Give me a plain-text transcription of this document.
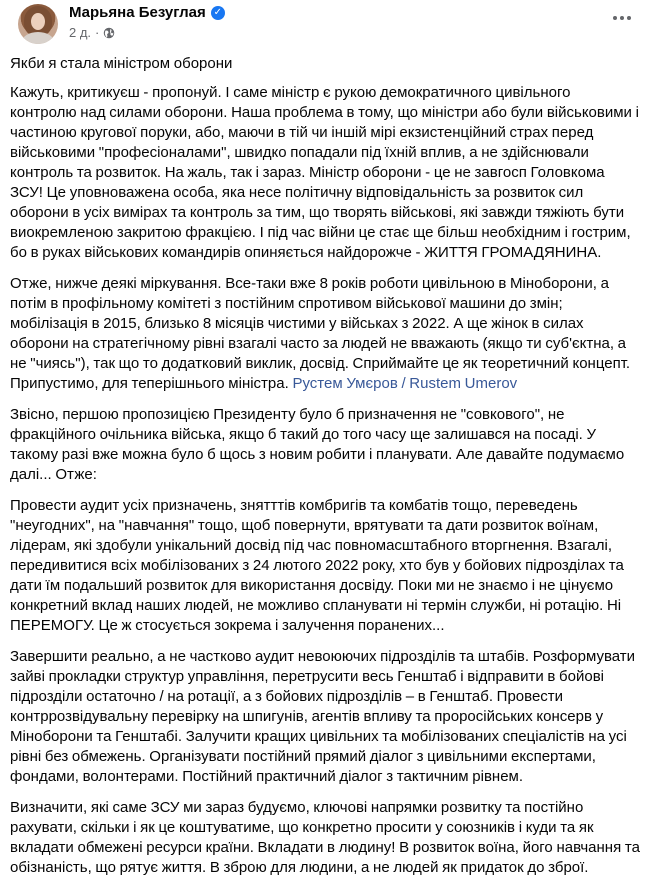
Марьяна Безуглая ✓
2 д. ·

Якби я стала міністром оборони

Кажуть, критикуєш - пропонуй. І саме міністр є рукою демократичного цивільного контролю над силами оборони. Наша проблема в тому, що міністри або були військовими і частиною кругової поруки, або, маючи в тій чи іншій мірі екзистенційний страх перед військовими "професіоналами", швидко попадали під їхній вплив, а не здійснювали контроль та розвиток. На жаль, так і зараз. Міністр оборони - це не завгосп Головкома ЗСУ! Це уповноважена особа, яка несе політичну відповідальність за розвиток сил оборони в усіх вимірах та контроль за тим, що творять військові, які завжди тяжіють бути виокремленою закритою фракцією. І під час війни це стає ще більш необхідним і гострим, бо в руках військових командирів опиняється найдорожче - ЖИТТЯ ГРОМАДЯНИНА.

Отже, нижче деякі міркування. Все-таки вже 8 років роботи цивільною в Міноборони, а потім в профільному комітеті з постійним спротивом військової машини до змін; мобілізація в 2015, близько 8 місяців чистими у військах з 2022. А ще жінок в силах оборони на стратегічному рівні взагалі часто за людей не вважають (якщо ти суб'єктна, а не "чиясь"), так що то додатковий виклик, досвід. Сприймайте це як теоретичний концепт. Припустимо, для теперішнього міністра. Рустем Умєров / Rustem Umerov

Звісно, першою пропозицією Президенту було б призначення не "совкового", не фракційного очільника війська, якщо б такий до того часу ще залишався на посаді. У такому разі вже можна було б щось з новим робити і планувати. Але давайте подумаємо далі... Отже:

Провести аудит усіх призначень, знятттів комбригів та комбатів тощо, переведень "неугодних", на "навчання" тощо, щоб повернути, врятувати та дати розвиток воїнам, лідерам, які здобули унікальний досвід під час повномасштабного вторгнення. Взагалі, передивитися всіх мобілізованих з 24 лютого 2022 року, хто був у бойових підрозділах та дати їм подальший розвиток для використання досвіду. Поки ми не знаємо і не цінуємо конкретний вклад наших людей, не можливо спланувати ні термін служби, ні ротацію. Ні ПЕРЕМОГУ. Це ж стосується зокрема і залучення поранених...

Завершити реально, а не частково аудит невоюючих підрозділів та штабів. Розформувати зайві прокладки структур управління, перетрусити весь Генштаб і відправити в бойові підрозділи остаточно / на ротації, а з бойових підрозділів – в Генштаб. Провести контррозвідувальну перевірку на шпигунів, агентів впливу та проросійських консерв у Міноборони та Генштабі. Залучити кращих цивільних та мобілізованих спеціалістів на усі рівні без обмежень. Організувати постійний прямий діалог з цивільними експертами, фондами, волонтерами. Постійний практичний діалог з тактичним рівнем.

Визначити, які саме ЗСУ ми зараз будуємо, ключові напрямки розвитку та постійно рахувати, скільки і як це коштуватиме, що конкретно просити у союзників і куди та як вкладати обмежені ресурси країни. Вкладати в людину! В розвиток воїна, його навчання та обізнаність, що рятує життя. В зброю для людини, а не людей як придаток до зброї.
